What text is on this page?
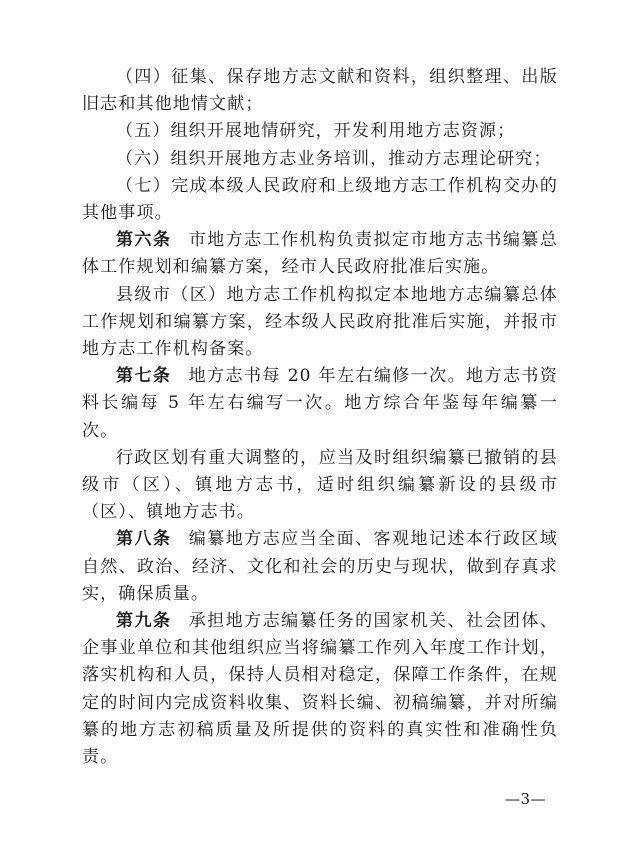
（四）征集、保存地方志文献和资料，组织整理、出版旧志和其他地情文献；

（五）组织开展地情研究，开发利用地方志资源；

（六）组织开展地方志业务培训，推动方志理论研究；

（七）完成本级人民政府和上级地方志工作机构交办的其他事项。

第六条 市地方志工作机构负责拟定市地方志书编纂总体工作规划和编纂方案，经市人民政府批准后实施。

县级市（区）地方志工作机构拟定本地地方志编纂总体工作规划和编纂方案，经本级人民政府批准后实施，并报市地方志工作机构备案。

第七条 地方志书每 20 年左右编修一次。地方志书资料长编每 5 年左右编写一次。地方综合年鉴每年编纂一次。

行政区划有重大调整的，应当及时组织编纂已撤销的县级市（区）、镇地方志书，适时组织编纂新设的县级市（区）、镇地方志书。

第八条 编纂地方志应当全面、客观地记述本行政区域自然、政治、经济、文化和社会的历史与现状，做到存真求实，确保质量。

第九条 承担地方志编纂任务的国家机关、社会团体、企事业单位和其他组织应当将编纂工作列入年度工作计划，落实机构和人员，保持人员相对稳定，保障工作条件，在规定的时间内完成资料收集、资料长编、初稿编纂，并对所编纂的地方志初稿质量及所提供的资料的真实性和准确性负责。

—3—
